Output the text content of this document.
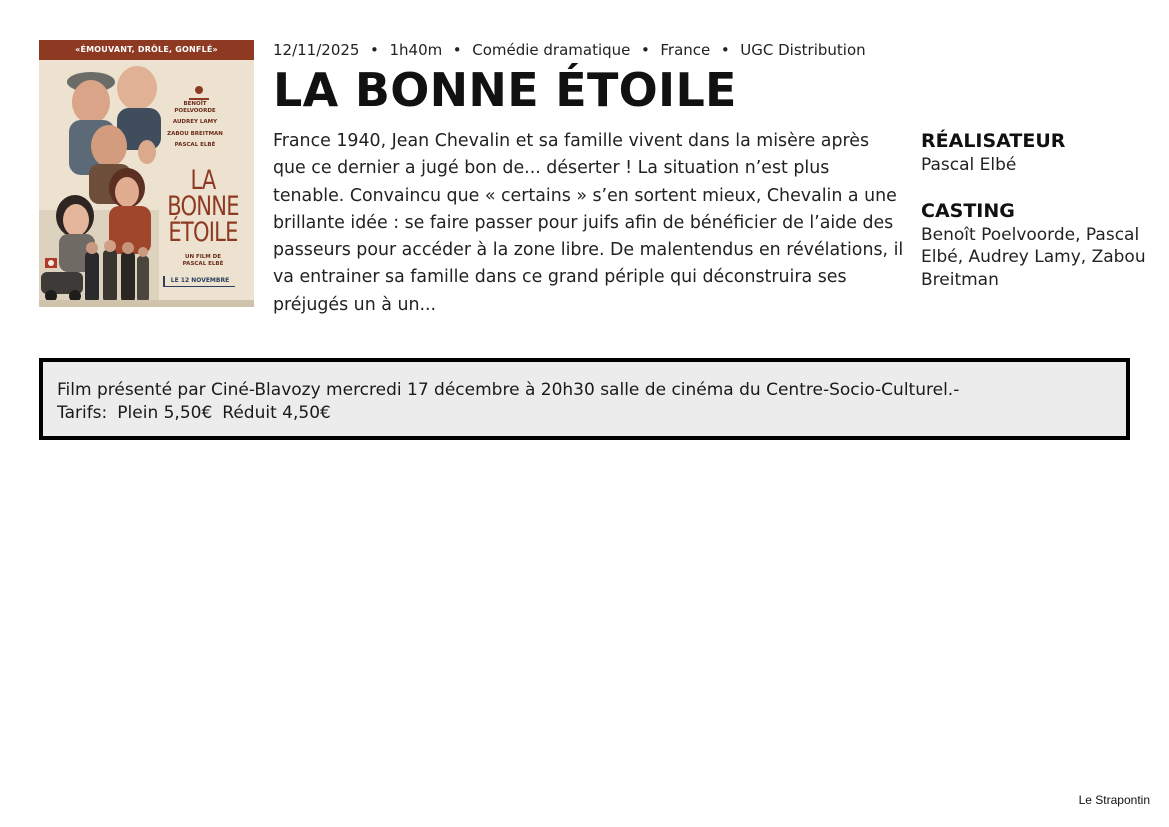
«ÉMOUVANT, DRÔLE, GONFLÉ»
BENOÎT POELVOORDE
AUDREY LAMY
ZABOU BREITMAN
PASCAL ELBÉ
LA
BONNE
ÉTOILE
UN FILM DE
PASCAL ELBÉ
LE 12 NOVEMBRE
12/11/2025 • 1h40m • Comédie dramatique • France • UGC Distribution
LA BONNE ÉTOILE

France 1940, Jean Chevalin et sa famille vivent dans la misère après que ce dernier a jugé bon de... déserter ! La situation n’est plus tenable. Convaincu que « certains » s’en sortent mieux, Chevalin a une brillante idée : se faire passer pour juifs afin de bénéficier de l’aide des passeurs pour accéder à la zone libre. De malentendus en révélations, il va entrainer sa famille dans ce grand périple qui déconstruira ses préjugés un à un...

RÉALISATEUR
Pascal Elbé
CASTING
Benoît Poelvoorde, Pascal Elbé, Audrey Lamy, Zabou Breitman
Film présenté par Ciné-Blavozy mercredi 17 décembre à 20h30 salle de cinéma du Centre-Socio-Culturel.-
Tarifs: Plein 5,50€ Réduit 4,50€
Le Strapontin
